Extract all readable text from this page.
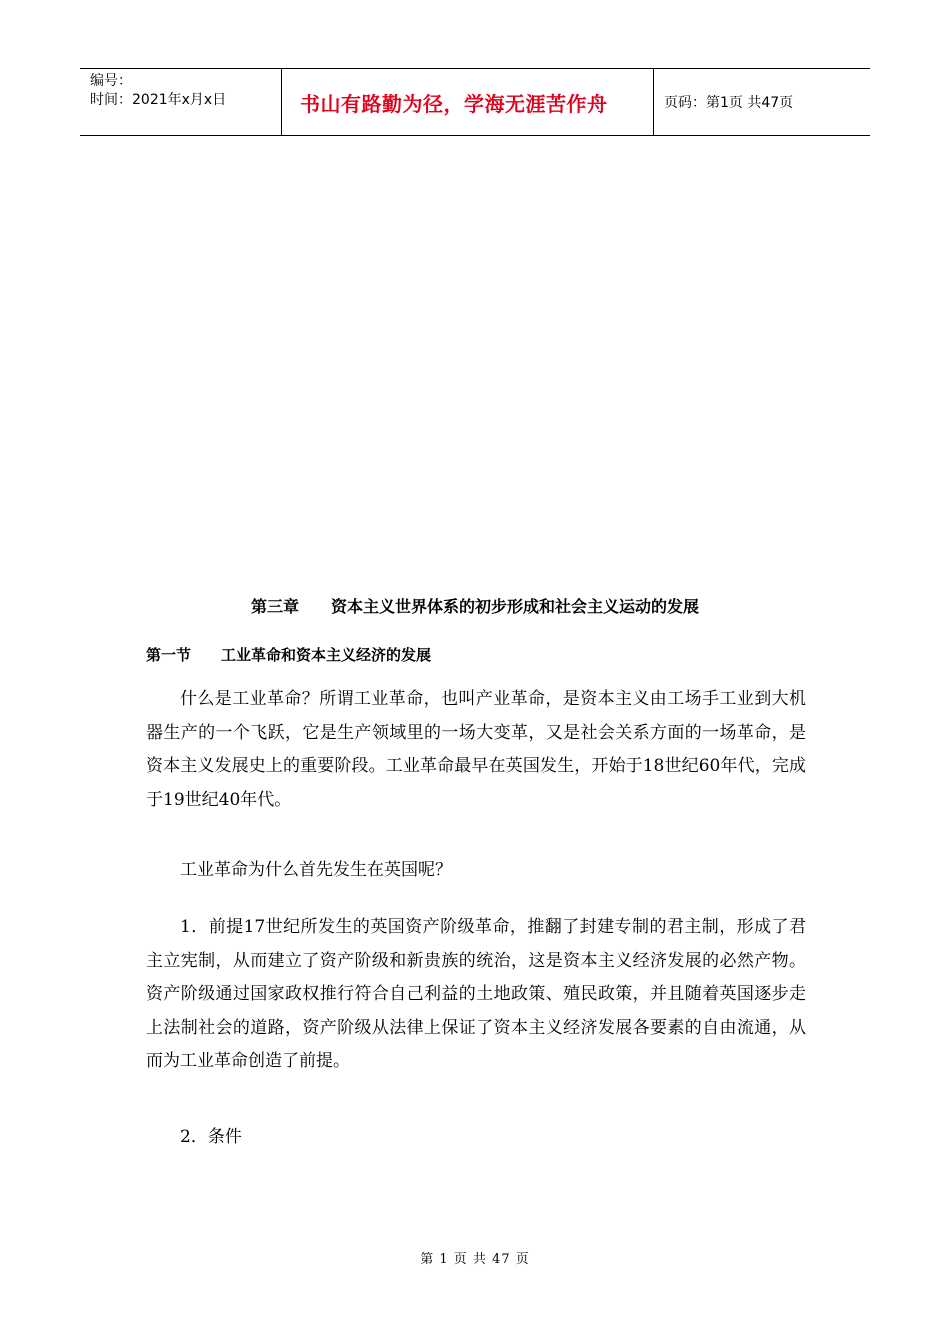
编号：
时间：2021年x月x日	书山有路勤为径，学海无涯苦作舟	页码：第1页 共47页
第三章　　资本主义世界体系的初步形成和社会主义运动的发展
第一节　　工业革命和资本主义经济的发展

什么是工业革命？所谓工业革命，也叫产业革命，是资本主义由工场手工业到大机器生产的一个飞跃，它是生产领域里的一场大变革，又是社会关系方面的一场革命，是资本主义发展史上的重要阶段。工业革命最早在英国发生，开始于18世纪60年代，完成于19世纪40年代。

工业革命为什么首先发生在英国呢？

1．前提17世纪所发生的英国资产阶级革命，推翻了封建专制的君主制，形成了君主立宪制，从而建立了资产阶级和新贵族的统治，这是资本主义经济发展的必然产物。资产阶级通过国家政权推行符合自己利益的土地政策、殖民政策，并且随着英国逐步走上法制社会的道路，资产阶级从法律上保证了资本主义经济发展各要素的自由流通，从而为工业革命创造了前提。

2．条件

第 1 页 共 47 页
